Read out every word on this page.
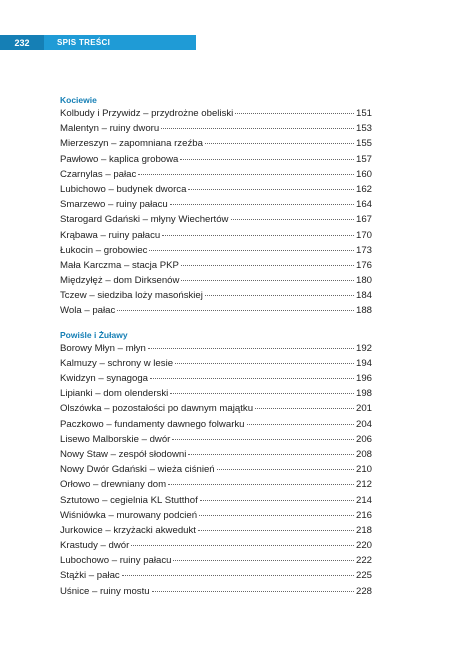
232	SPIS TREŚCI
Kociewie
Kolbudy i Przywidz – przydrożne obeliski	151
Malentyn – ruiny dworu	153
Mierzeszyn – zapomniana rzeźba	155
Pawłowo – kaplica grobowa	157
Czarnylas – pałac	160
Lubichowo – budynek dworca	162
Smarzewo – ruiny pałacu	164
Starogard Gdański – młyny Wiechertów	167
Krąbawa – ruiny pałacu	170
Łukocin – grobowiec	173
Mała Karczma – stacja PKP	176
Międzyłęż – dom Dirksenów	180
Tczew – siedziba loży masońskiej	184
Wola – pałac	188
Powiśle i Żuławy
Borowy Młyn – młyn	192
Kalmuzy – schrony w lesie	194
Kwidzyn – synagoga	196
Lipianki – dom olenderski	198
Olszówka – pozostałości po dawnym majątku	201
Paczkowo – fundamenty dawnego folwarku	204
Lisewo Malborskie – dwór	206
Nowy Staw – zespół słodowni	208
Nowy Dwór Gdański – wieża ciśnień	210
Orłowo – drewniany dom	212
Sztutowo – cegielnia KL Stutthof	214
Wiśniówka – murowany podcień	216
Jurkowice – krzyżacki akwedukt	218
Krastudy – dwór	220
Lubochowo – ruiny pałacu	222
Stążki – pałac	225
Uśnice – ruiny mostu	228
